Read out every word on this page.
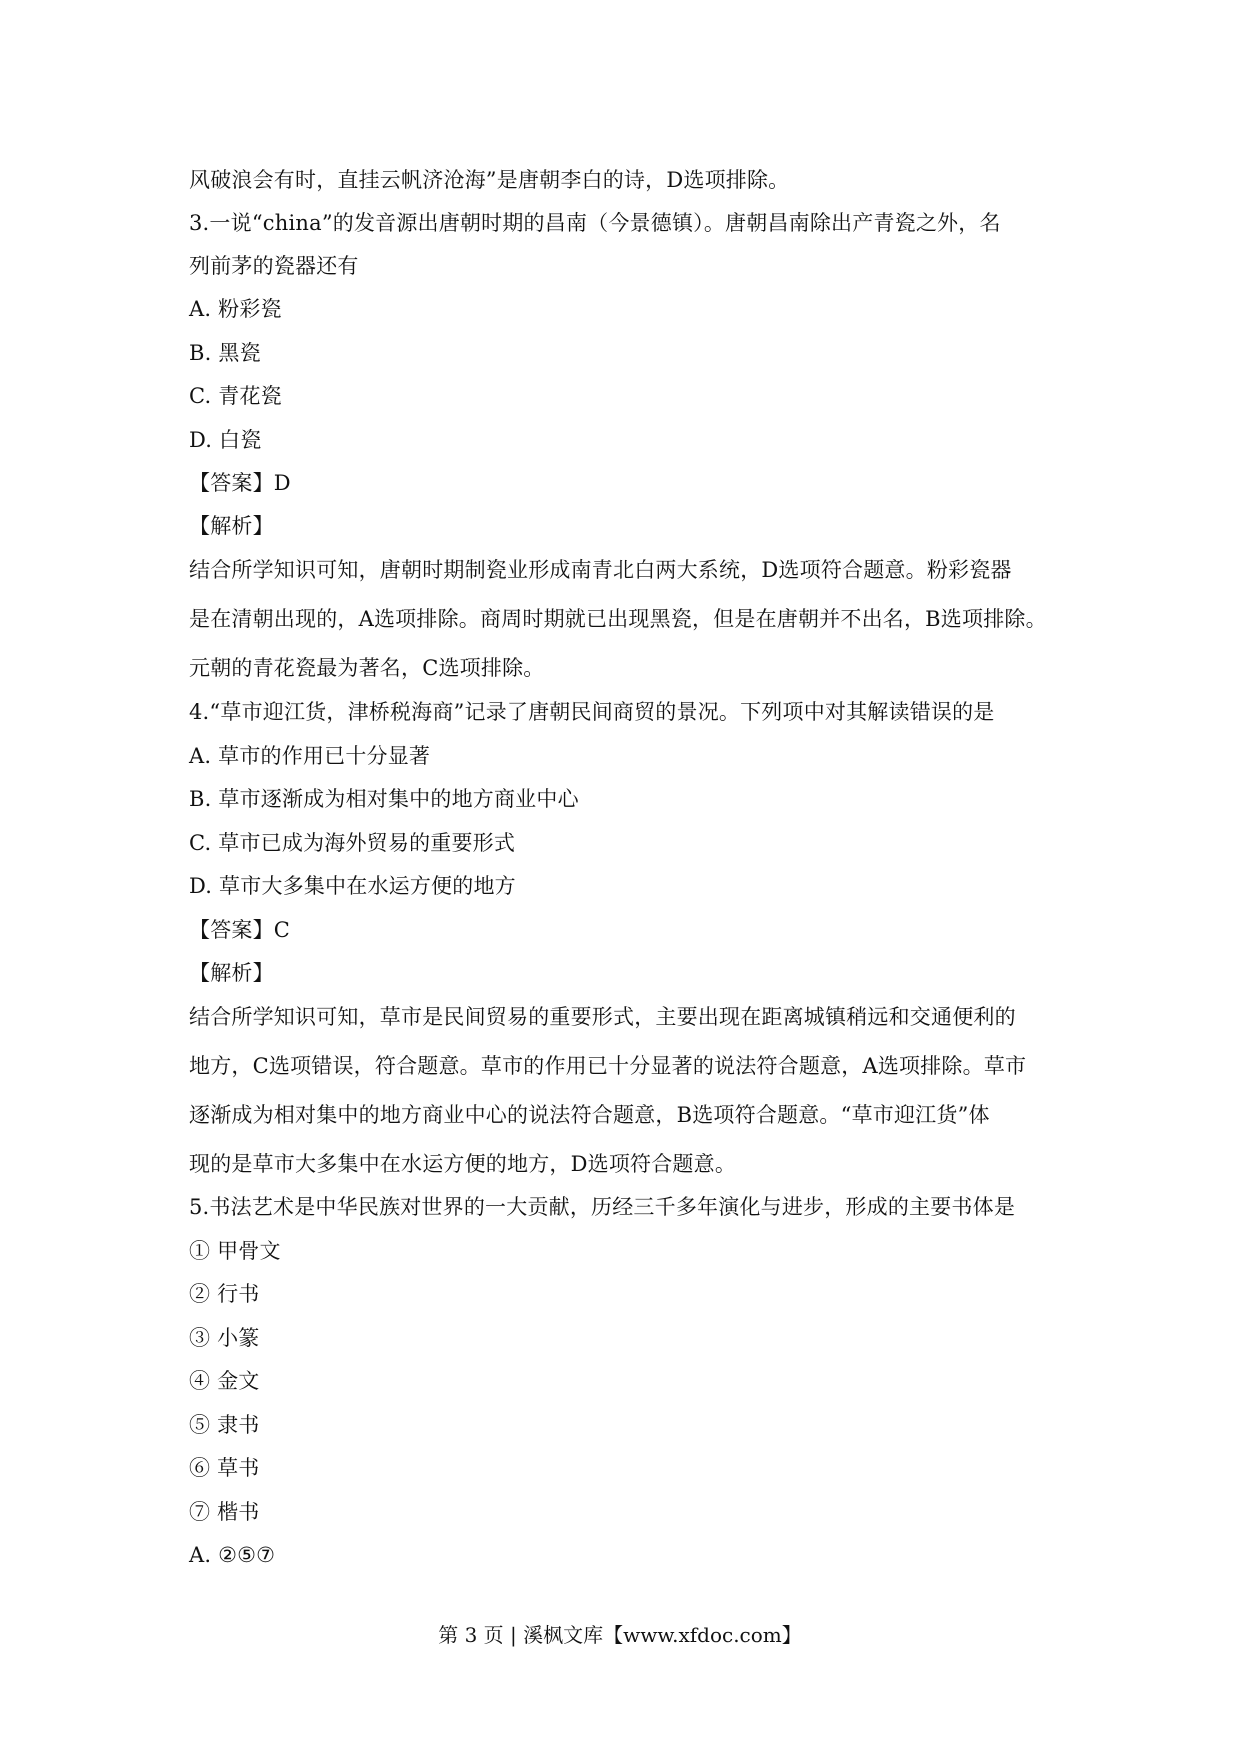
风破浪会有时，直挂云帆济沧海”是唐朝李白的诗，D选项排除。
3.一说“china”的发音源出唐朝时期的昌南（今景德镇）。唐朝昌南除出产青瓷之外，名
列前茅的瓷器还有
A. 粉彩瓷
B. 黑瓷
C. 青花瓷
D. 白瓷
【答案】D
【解析】
结合所学知识可知，唐朝时期制瓷业形成南青北白两大系统，D选项符合题意。粉彩瓷器
是在清朝出现的，A选项排除。商周时期就已出现黑瓷，但是在唐朝并不出名，B选项排除。
元朝的青花瓷最为著名，C选项排除。
4.“草市迎江货，津桥税海商”记录了唐朝民间商贸的景况。下列项中对其解读错误的是
A. 草市的作用已十分显著
B. 草市逐渐成为相对集中的地方商业中心
C. 草市已成为海外贸易的重要形式
D. 草市大多集中在水运方便的地方
【答案】C
【解析】
结合所学知识可知，草市是民间贸易的重要形式，主要出现在距离城镇稍远和交通便利的
地方，C选项错误，符合题意。草市的作用已十分显著的说法符合题意，A选项排除。草市
逐渐成为相对集中的地方商业中心的说法符合题意，B选项符合题意。“草市迎江货”体
现的是草市大多集中在水运方便的地方，D选项符合题意。
5.书法艺术是中华民族对世界的一大贡献，历经三千多年演化与进步，形成的主要书体是
① 甲骨文
② 行书
③ 小篆
④ 金文
⑤ 隶书
⑥ 草书
⑦ 楷书
A. ②⑤⑦
第 3 页 | 溪枫文库【www.xfdoc.com】
